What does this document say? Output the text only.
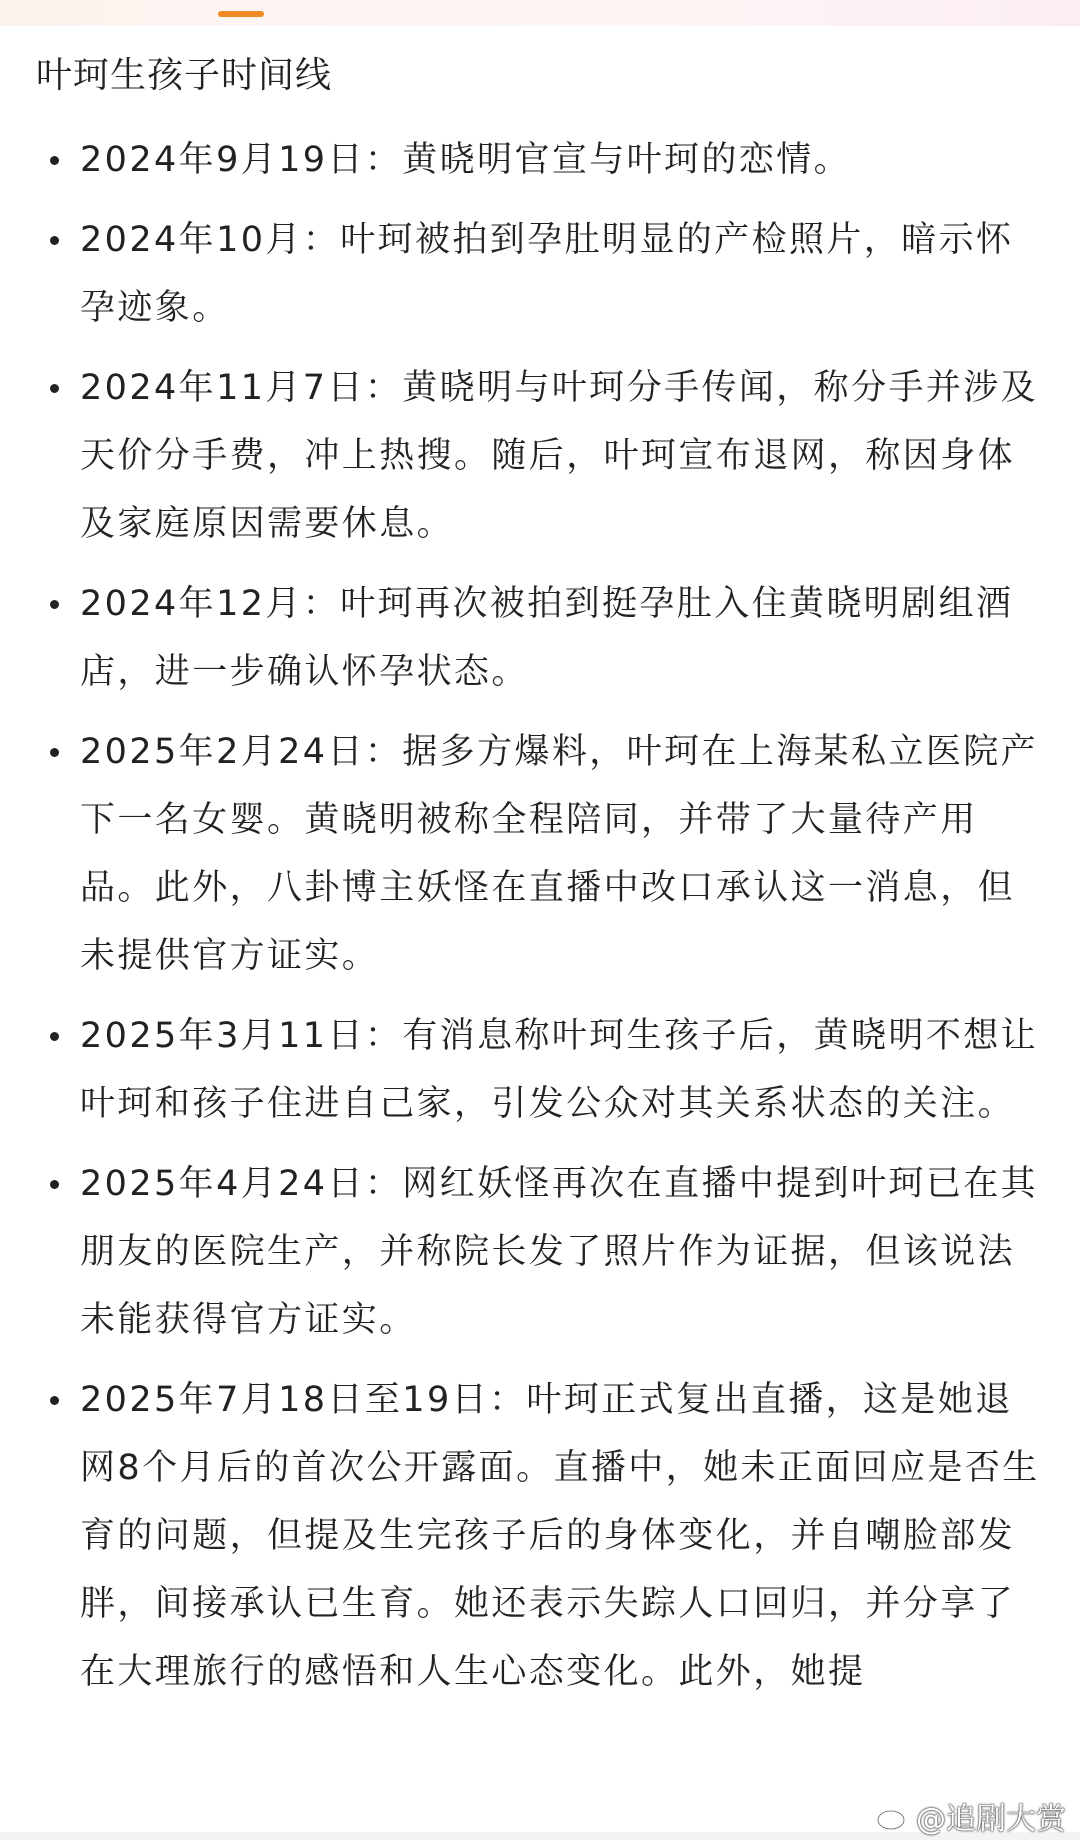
叶珂生孩子时间线
2024年9月19日：黄晓明官宣与叶珂的恋情。
2024年10月：叶珂被拍到孕肚明显的产检照片，暗示怀孕迹象。
2024年11月7日：黄晓明与叶珂分手传闻，称分手并涉及天价分手费，冲上热搜。随后，叶珂宣布退网，称因身体及家庭原因需要休息。
2024年12月：叶珂再次被拍到挺孕肚入住黄晓明剧组酒店，进一步确认怀孕状态。
2025年2月24日：据多方爆料，叶珂在上海某私立医院产下一名女婴。黄晓明被称全程陪同，并带了大量待产用品。此外，八卦博主妖怪在直播中改口承认这一消息，但未提供官方证实。
2025年3月11日：有消息称叶珂生孩子后，黄晓明不想让叶珂和孩子住进自己家，引发公众对其关系状态的关注。
2025年4月24日：网红妖怪再次在直播中提到叶珂已在其朋友的医院生产，并称院长发了照片作为证据，但该说法未能获得官方证实。
2025年7月18日至19日：叶珂正式复出直播，这是她退网8个月后的首次公开露面。直播中，她未正面回应是否生育的问题，但提及生完孩子后的身体变化，并自嘲脸部发胖，间接承认已生育。她还表示失踪人口回归，并分享了在大理旅行的感悟和人生心态变化。此外，她提
@追剧大赏
